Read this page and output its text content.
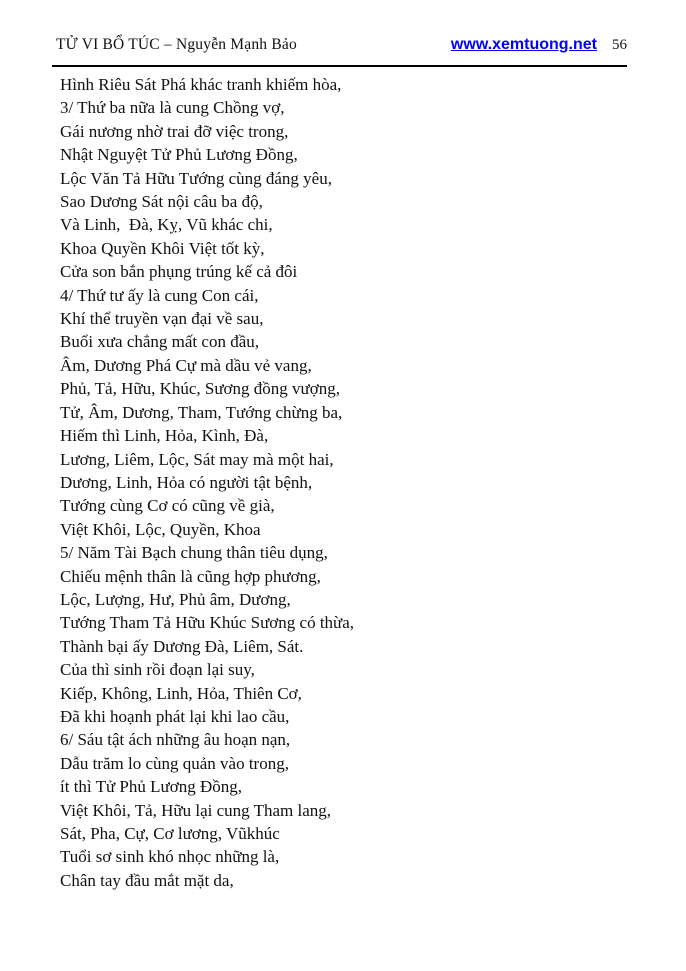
TỬ VI BỔ TÚC – Nguyễn Mạnh Bảo	www.xemtuong.net 56

Hình Riêu Sát Phá khác tranh khiếm hòa,

3/ Thứ ba nữa là cung Chồng vợ,

Gái nương nhờ trai đỡ việc trong,

Nhật Nguyệt Tử Phủ Lương Đồng,

Lộc Văn Tả Hữu Tướng cùng đáng yêu,

Sao Dương Sát nội câu ba độ,

Và Linh,  Đà, Kỵ, Vũ khác chi,

Khoa Quyền Khôi Việt tốt kỳ,

Cửa son bắn phụng trúng kế cả đôi

4/ Thứ tư ấy là cung Con cái,

Khí thể truyền vạn đại về sau,

Buổi xưa chẳng mất con đầu,

Âm, Dương Phá Cự mà dầu vẻ vang,

Phủ, Tả, Hữu, Khúc, Sương đồng vượng,

Tử, Âm, Dương, Tham, Tướng chừng ba,

Hiếm thì Linh, Hỏa, Kình, Đà,

Lương, Liêm, Lộc, Sát may mà một hai,

Dương, Linh, Hỏa có người tật bệnh,

Tướng cùng Cơ có cũng về già,

Việt Khôi, Lộc, Quyền, Khoa

5/ Năm Tài Bạch chung thân tiêu dụng,

Chiếu mệnh thân là cũng hợp phương,

Lộc, Lượng, Hư, Phủ âm, Dương,

Tướng Tham Tả Hữu Khúc Sương có thừa,

Thành bại ấy Dương Đà, Liêm, Sát.

Của thì sinh rồi đoạn lại suy,

Kiếp, Không, Linh, Hỏa, Thiên Cơ,

Đã khi hoạnh phát lại khi lao cầu,

6/ Sáu tật ách những âu hoạn nạn,

Dẫu trăm lo cùng quản vào trong,

ít thì Tử Phủ Lương Đồng,

Việt Khôi, Tả, Hữu lại cung Tham lang,

Sát, Pha, Cự, Cơ lương, Vũkhúc

Tuổi sơ sinh khó nhọc những là,

Chân tay đầu mắt mặt da,
